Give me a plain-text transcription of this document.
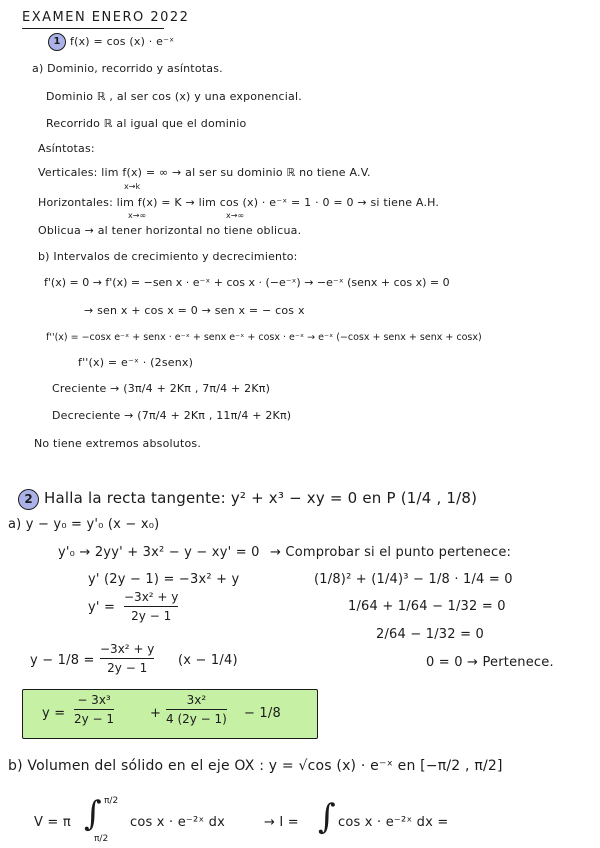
EXAMEN ENERO 2022
1 f(x) = cos (x) · e⁻ˣ
a) Dominio, recorrido y asíntotas.
Dominio ℝ , al ser cos (x) y una exponencial.
Recorrido ℝ al igual que el dominio
Asíntotas:
Verticales: lim f(x) = ∞ → al ser su dominio ℝ no tiene A.V.
x→k
Horizontales: lim f(x) = K → lim cos (x) · e⁻ˣ = 1 · 0 = 0 → si tiene A.H.
x→∞	x→∞
Oblicua → al tener horizontal no tiene oblicua.
b) Intervalos de crecimiento y decrecimiento:
f'(x) = 0 → f'(x) = −sen x · e⁻ˣ + cos x · (−e⁻ˣ) → −e⁻ˣ (senx + cos x) = 0
→ sen x + cos x = 0 → sen x = − cos x
f''(x) = −cosx e⁻ˣ + senx · e⁻ˣ + senx e⁻ˣ + cosx · e⁻ˣ → e⁻ˣ (−cosx + senx + senx + cosx)
f''(x) = e⁻ˣ · (2senx)
Creciente → (3π/4 + 2Kπ , 7π/4 + 2Kπ)
Decreciente → (7π/4 + 2Kπ , 11π/4 + 2Kπ)
No tiene extremos absolutos.
2 Halla la recta tangente: y² + x³ − xy = 0 en P (1/4 , 1/8)
a) y − y₀ = y'₀ (x − x₀)
y'₀ → 2yy' + 3x² − y − xy' = 0
y' (2y − 1) = −3x² + y
y' =
−3x² + y
2y − 1
y − 1/8 =
−3x² + y
2y − 1 (x − 1/4)
→ Comprobar si el punto pertenece:
(1/8)² + (1/4)³ − 1/8 · 1/4 = 0
1/64 + 1/64 − 1/32 = 0
2/64 − 1/32 = 0
0 = 0 → Pertenece.
y =
− 3x³
2y − 1	+
3x²
4 (2y − 1) − 1/8
b) Volumen del sólido en el eje OX : y = √cos (x) · e⁻ˣ en [−π/2 , π/2]
V = π ∫ π/2
π/2
cos x · e⁻²ˣ dx	→ I = ∫ cos x · e⁻²ˣ dx =
